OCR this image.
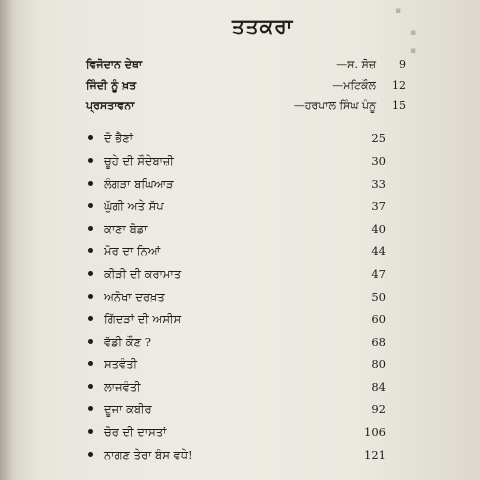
▪
▪
▪
ਤਤਕਰਾ
ਵਿਜੋਦਾਨ ਦੇਥਾ	—ਸ. ਸੋਜ਼	9
ਜਿੰਦੀ ਨੂੰ ਖ਼ਤ	—ਮਟਿਕੌਲ	12
ਪ੍ਰਸਤਾਵਨਾ	—ਹਰਪਾਲ ਸਿੰਘ ਪੰਨੂ	15
ਦੋ ਭੈਣਾਂ	25
ਚੂਹੇ ਦੀ ਸੌਦੇਬਾਜ਼ੀ	30
ਲੰਗੜਾ ਬਘਿਆੜ	33
ਘੁੱਗੀ ਅਤੇ ਸੱਪ	37
ਕਾਣਾ ਬੋਡਾ	40
ਮੋਰ ਦਾ ਨਿਆਂ	44
ਕੀੜੀ ਦੀ ਕਰਾਮਾਤ	47
ਅਨੋਖਾ ਦਰਖ਼ਤ	50
ਗਿੱਦੜਾਂ ਦੀ ਅਸੀਸ	60
ਵੱਡੀ ਕੌਣ ?	68
ਸਤਵੰਤੀ	80
ਲਾਜਵੰਤੀ	84
ਦੂਜਾ ਕਬੀਰ	92
ਚੋਰ ਦੀ ਦਾਸਤਾਂ	106
ਨਾਗਣ ਤੇਰਾ ਬੰਸ ਵਧੇ!	121
